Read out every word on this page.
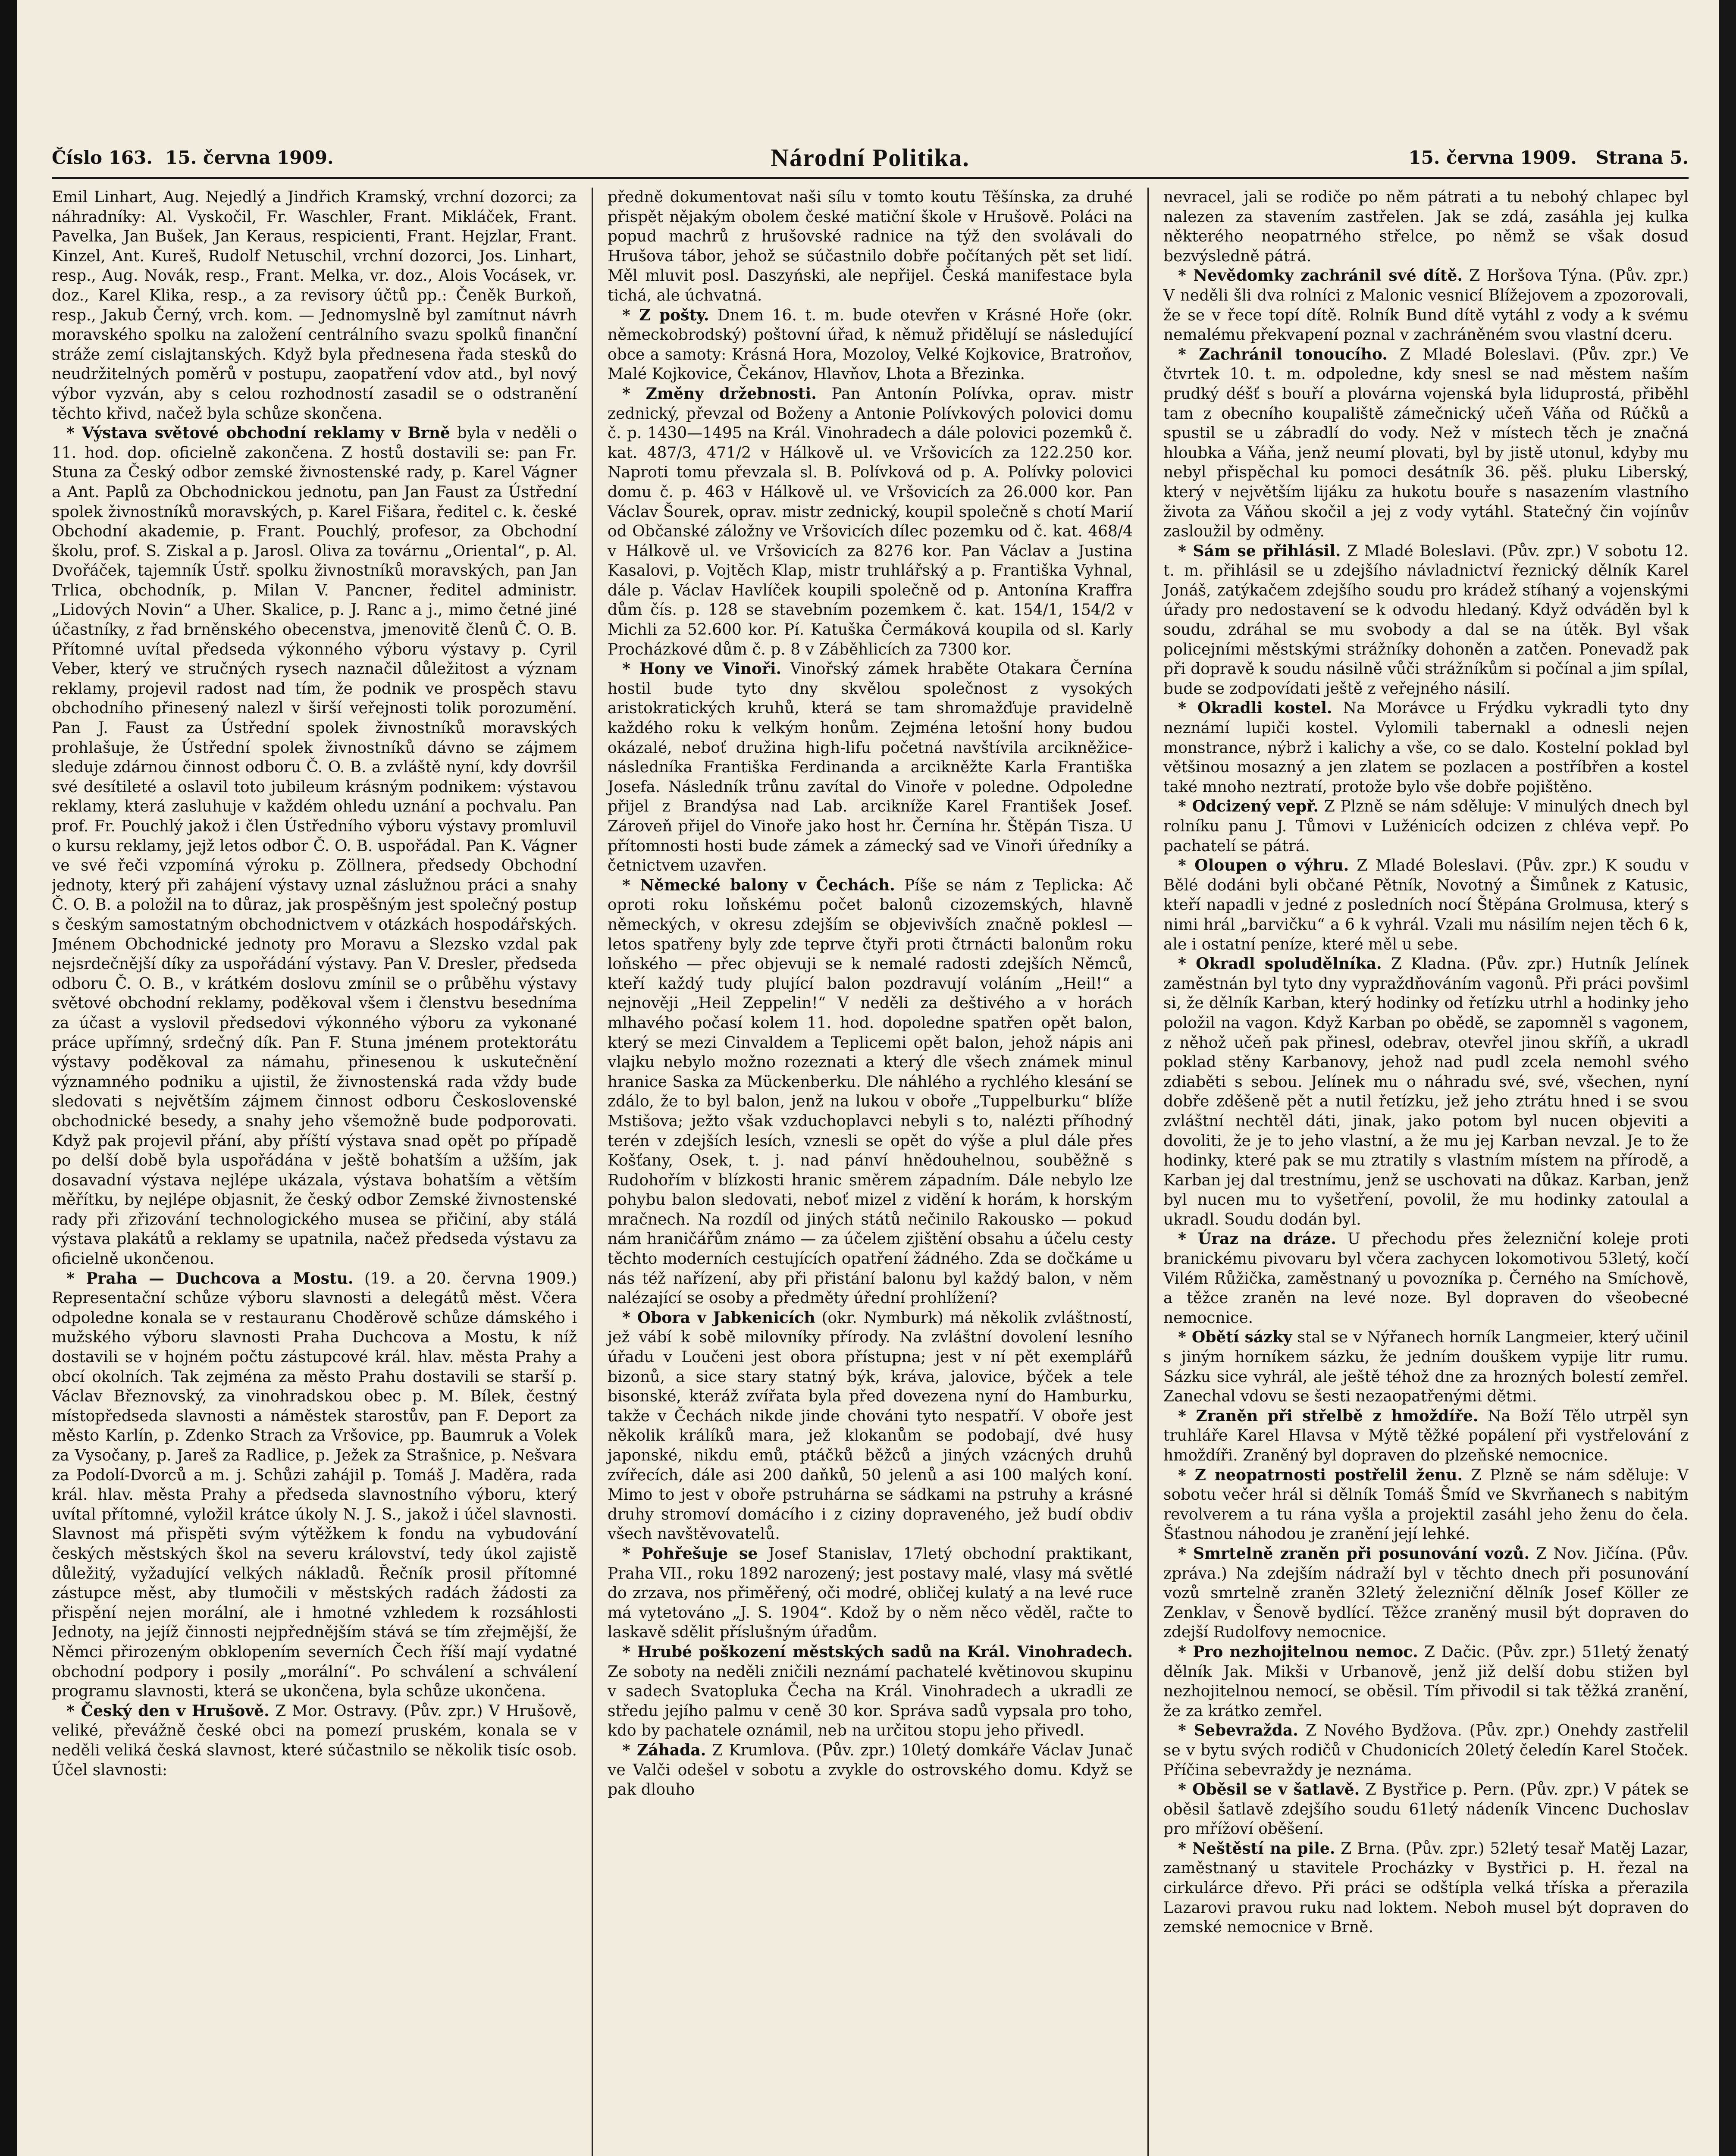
Číslo 163. 15. června 1909.	Národní Politika.	15. června 1909. Strana 5.

Emil Linhart, Aug. Nejedlý a Jindřich Kramský, vrchní dozorci; za náhradníky: Al. Vyskočil, Fr. Waschler, Frant. Mikláček, Frant. Pavelka, Jan Bušek, Jan Keraus, respicienti, Frant. Hejzlar, Frant. Kinzel, Ant. Kureš, Rudolf Netuschil, vrchní dozorci, Jos. Linhart, resp., Aug. Novák, resp., Frant. Melka, vr. doz., Alois Vocásek, vr. doz., Karel Klika, resp., a za revisory účtů pp.: Čeněk Burkoň, resp., Jakub Černý, vrch. kom. — Jednomyslně byl zamítnut návrh moravského spolku na založení centrálního svazu spolků finanční stráže zemí cislajtanských. Když byla přednesena řada stesků do neudržitelných poměrů v postupu, zaopatření vdov atd., byl nový výbor vyzván, aby s celou rozhodností zasadil se o odstranění těchto křivd, načež byla schůze skončena.

* Výstava světové obchodní reklamy v Brně byla v neděli o 11. hod. dop. oficielně zakončena. Z hostů dostavili se: pan Fr. Stuna za Český odbor zemské živnostenské rady, p. Karel Vágner a Ant. Paplů za Obchodnickou jednotu, pan Jan Faust za Ústřední spolek živnostníků moravských, p. Karel Fišara, ředitel c. k. české Obchodní akademie, p. Frant. Pouchlý, profesor, za Obchodní školu, prof. S. Ziskal a p. Jarosl. Oliva za továrnu „Oriental“, p. Al. Dvořáček, tajemník Ústř. spolku živnostníků moravských, pan Jan Trlica, obchodník, p. Milan V. Pancner, ředitel administr. „Lidových Novin“ a Uher. Skalice, p. J. Ranc a j., mimo četné jiné účastníky, z řad brněnského obecenstva, jmenovitě členů Č. O. B. Přítomné uvítal předseda výkonného výboru výstavy p. Cyril Veber, který ve stručných rysech naznačil důležitost a význam reklamy, projevil radost nad tím, že podnik ve prospěch stavu obchodního přinesený nalezl v širší veřejnosti tolik porozumění. Pan J. Faust za Ústřední spolek živnostníků moravských prohlašuje, že Ústřední spolek živnostníků dávno se zájmem sleduje zdárnou činnost odboru Č. O. B. a zvláště nyní, kdy dovršil své desítileté a oslavil toto jubileum krásným podnikem: výstavou reklamy, která zasluhuje v každém ohledu uznání a pochvalu. Pan prof. Fr. Pouchlý jakož i člen Ústředního výboru výstavy promluvil o kursu reklamy, jejž letos odbor Č. O. B. uspořádal. Pan K. Vágner ve své řeči vzpomíná výroku p. Zöllnera, předsedy Obchodní jednoty, který při zahájení výstavy uznal záslužnou práci a snahy Č. O. B. a položil na to důraz, jak prospěšným jest společný postup s českým samostatným obchodnictvem v otázkách hospodářských. Jménem Obchodnické jednoty pro Moravu a Slezsko vzdal pak nejsrdečnější díky za uspořádání výstavy. Pan V. Dresler, předseda odboru Č. O. B., v krátkém doslovu zmínil se o průběhu výstavy světové obchodní reklamy, poděkoval všem i členstvu besedníma za účast a vyslovil předsedovi výkonného výboru za vykonané práce upřímný, srdečný dík. Pan F. Stuna jménem protektorátu výstavy poděkoval za námahu, přinesenou k uskutečnění významného podniku a ujistil, že živnostenská rada vždy bude sledovati s největším zájmem činnost odboru Československé obchodnické besedy, a snahy jeho všemožně bude podporovati. Když pak projevil přání, aby příští výstava snad opět po případě po delší době byla uspořádána v ještě bohatším a užším, jak dosavadní výstava nejlépe ukázala, výstava bohatším a větším měřítku, by nejlépe objasnit, že český odbor Zemské živnostenské rady při zřizování technologického musea se přičiní, aby stálá výstava plakátů a reklamy se upatnila, načež předseda výstavu za oficielně ukončenou.

* Praha — Duchcova a Mostu. (19. a 20. června 1909.) Representační schůze výboru slavnosti a delegátů měst. Včera odpoledne konala se v restauranu Choděrově schůze dámského i mužského výboru slavnosti Praha Duchcova a Mostu, k níž dostavili se v hojném počtu zástupcové král. hlav. města Prahy a obcí okolních. Tak zejména za město Prahu dostavili se starší p. Václav Březnovský, za vinohradskou obec p. M. Bílek, čestný místopředseda slavnosti a náměstek starostův, pan F. Deport za město Karlín, p. Zdenko Strach za Vršovice, pp. Baumruk a Volek za Vysočany, p. Jareš za Radlice, p. Ježek za Strašnice, p. Nešvara za Podolí-Dvorců a m. j. Schůzi zahájil p. Tomáš J. Maděra, rada král. hlav. města Prahy a předseda slavnostního výboru, který uvítal přítomné, vyložil krátce úkoly N. J. S., jakož i účel slavnosti. Slavnost má přispěti svým výtěžkem k fondu na vybudování českých městských škol na severu království, tedy úkol zajistě důležitý, vyžadující velkých nákladů. Řečník prosil přítomné zástupce měst, aby tlumočili v městských radách žádosti za přispění nejen morální, ale i hmotné vzhledem k rozsáhlosti Jednoty, na jejíž činnosti nejpřednějším stává se tím zřejmější, že Němci přirozeným obklopením severních Čech říší mají vydatné obchodní podpory i posily „morální“. Po schválení a schválení programu slavnosti, která se ukončena, byla schůze ukončena.

* Český den v Hrušově. Z Mor. Ostravy. (Pův. zpr.) V Hrušově, veliké, převážně české obci na pomezí pruském, konala se v neděli veliká česká slavnost, které súčastnilo se několik tisíc osob. Účel slavnosti:

předně dokumentovat naši sílu v tomto koutu Těšínska, za druhé přispět nějakým obolem české matiční škole v Hrušově. Poláci na popud machrů z hrušovské radnice na týž den svolávali do Hrušova tábor, jehož se súčastnilo dobře počítaných pět set lidí. Měl mluvit posl. Daszyński, ale nepřijel. Česká manifestace byla tichá, ale úchvatná.

* Z pošty. Dnem 16. t. m. bude otevřen v Krásné Hoře (okr. německobrodský) poštovní úřad, k němuž přidělují se následující obce a samoty: Krásná Hora, Mozoloy, Velké Kojkovice, Bratroňov, Malé Kojkovice, Čekánov, Hlavňov, Lhota a Březinka.

* Změny držebnosti. Pan Antonín Polívka, oprav. mistr zednický, převzal od Boženy a Antonie Polívkových polovici domu č. p. 1430—1495 na Král. Vinohradech a dále polovici pozemků č. kat. 487/3, 471/2 v Hálkově ul. ve Vršovicích za 122.250 kor. Naproti tomu převzala sl. B. Polívková od p. A. Polívky polovici domu č. p. 463 v Hálkově ul. ve Vršovicích za 26.000 kor. Pan Václav Šourek, oprav. mistr zednický, koupil společně s chotí Marií od Občanské záložny ve Vršovicích dílec pozemku od č. kat. 468/4 v Hálkově ul. ve Vršovicích za 8276 kor. Pan Václav a Justina Kasalovi, p. Vojtěch Klap, mistr truhlářský a p. Františka Vyhnal, dále p. Václav Havlíček koupili společně od p. Antonína Kraffra dům čís. p. 128 se stavebním pozemkem č. kat. 154/1, 154/2 v Michli za 52.600 kor. Pí. Katuška Čermáková koupila od sl. Karly Procházkové dům č. p. 8 v Záběhlicích za 7300 kor.

* Hony ve Vinoři. Vinořský zámek hraběte Otakara Černína hostil bude tyto dny skvělou společnost z vysokých aristokratických kruhů, která se tam shromažďuje pravidelně každého roku k velkým honům. Zejména letošní hony budou okázalé, neboť družina high-lifu početná navštívila arcikněžice-následníka Františka Ferdinanda a arcikněžte Karla Františka Josefa. Následník trůnu zavítal do Vinoře v poledne. Odpoledne přijel z Brandýsa nad Lab. arcikníže Karel František Josef. Zároveň přijel do Vinoře jako host hr. Černína hr. Štěpán Tisza. U přítomnosti hosti bude zámek a zámecký sad ve Vinoři úředníky a četnictvem uzavřen.

* Německé balony v Čechách. Píše se nám z Teplicka: Ač oproti roku loňskému počet balonů cizozemských, hlavně německých, v okresu zdejším se objevivších značně poklesl — letos spatřeny byly zde teprve čtyři proti čtrnácti balonům roku loňského — přec objevuji se k nemalé radosti zdejších Němců, kteří každý tudy plující balon pozdravují voláním „Heil!“ a nejnověji „Heil Zeppelin!“ V neděli za deštivého a v horách mlhavého počasí kolem 11. hod. dopoledne spatřen opět balon, který se mezi Cinvaldem a Teplicemi opět balon, jehož nápis ani vlajku nebylo možno rozeznati a který dle všech známek minul hranice Saska za Mückenberku. Dle náhlého a rychlého klesání se zdálo, že to byl balon, jenž na lukou v oboře „Tuppelburku“ blíže Mstišova; ježto však vzduchoplavci nebyli s to, nalézti příhodný terén v zdejších lesích, vznesli se opět do výše a plul dále přes Košťany, Osek, t. j. nad pánví hnědouhelnou, souběžně s Rudohořím v blízkosti hranic směrem západním. Dále nebylo lze pohybu balon sledovati, neboť mizel z vidění k horám, k horským mračnech. Na rozdíl od jiných států nečinilo Rakousko — pokud nám hraničářům známo — za účelem zjištění obsahu a účelu cesty těchto moderních cestujících opatření žádného. Zda se dočkáme u nás též nařízení, aby při přistání balonu byl každý balon, v něm nalézající se osoby a předměty úřední prohlížení?

* Obora v Jabkenicích (okr. Nymburk) má několik zvláštností, jež vábí k sobě milovníky přírody. Na zvláštní dovolení lesního úřadu v Loučeni jest obora přístupna; jest v ní pět exemplářů bizonů, a sice stary statný býk, kráva, jalovice, býček a tele bisonské, kteráž zvířata byla před dovezena nyní do Hamburku, takže v Čechách nikde jinde chováni tyto nespatří. V oboře jest několik králíků mara, jež klokanům se podobají, dvé husy japonské, nikdu emů, ptáčků běžců a jiných vzácných druhů zvířecích, dále asi 200 daňků, 50 jelenů a asi 100 malých koní. Mimo to jest v oboře pstruhárna se sádkami na pstruhy a krásné druhy stromoví domácího i z ciziny dopraveného, jež budí obdiv všech navštěvovatelů.

* Pohřešuje se Josef Stanislav, 17letý obchodní praktikant, Praha VII., roku 1892 narozený; jest postavy malé, vlasy má světlé do zrzava, nos přiměřený, oči modré, obličej kulatý a na levé ruce má vytetováno „J. S. 1904“. Kdož by o něm něco věděl, račte to laskavě sdělit příslušným úřadům.

* Hrubé poškození městských sadů na Král. Vinohradech. Ze soboty na neděli zničili neznámí pachatelé květinovou skupinu v sadech Svatopluka Čecha na Král. Vinohradech a ukradli ze středu jejího palmu v ceně 30 kor. Správa sadů vypsala pro toho, kdo by pachatele oznámil, neb na určitou stopu jeho přivedl.

* Záhada. Z Krumlova. (Pův. zpr.) 10letý domkáře Václav Junač ve Valči odešel v sobotu a zvykle do ostrovského domu. Když se pak dlouho

nevracel, jali se rodiče po něm pátrati a tu nebohý chlapec byl nalezen za stavením zastřelen. Jak se zdá, zasáhla jej kulka některého neopatrného střelce, po němž se však dosud bezvýsledně pátrá.

* Nevědomky zachránil své dítě. Z Horšova Týna. (Pův. zpr.) V neděli šli dva rolníci z Malonic vesnicí Blížejovem a zpozorovali, že se v řece topí dítě. Rolník Bund dítě vytáhl z vody a k svému nemalému překvapení poznal v zachráněném svou vlastní dceru.

* Zachránil tonoucího. Z Mladé Boleslavi. (Pův. zpr.) Ve čtvrtek 10. t. m. odpoledne, kdy snesl se nad městem naším prudký déšť s bouří a plovárna vojenská byla liduprostá, přiběhl tam z obecního koupaliště zámečnický učeň Váňa od Rúčků a spustil se u zábradlí do vody. Než v místech těch je značná hloubka a Váňa, jenž neumí plovati, byl by jistě utonul, kdyby mu nebyl přispěchal ku pomoci desátník 36. pěš. pluku Liberský, který v největším lijáku za hukotu bouře s nasazením vlastního života za Váňou skočil a jej z vody vytáhl. Statečný čin vojínův zasloužil by odměny.

* Sám se přihlásil. Z Mladé Boleslavi. (Pův. zpr.) V sobotu 12. t. m. přihlásil se u zdejšího návladnictví řeznický dělník Karel Jonáš, zatýkačem zdejšího soudu pro krádež stíhaný a vojenskými úřady pro nedostavení se k odvodu hledaný. Když odváděn byl k soudu, zdráhal se mu svobody a dal se na útěk. Byl však policejními městskými strážníky dohoněn a zatčen. Ponevadž pak při dopravě k soudu násilně vůči strážníkům si počínal a jim spílal, bude se zodpovídati ještě z veřejného násilí.

* Okradli kostel. Na Morávce u Frýdku vykradli tyto dny neznámí lupiči kostel. Vylomili tabernakl a odnesli nejen monstrance, nýbrž i kalichy a vše, co se dalo. Kostelní poklad byl většinou mosazný a jen zlatem se pozlacen a postříbřen a kostel také mnoho neztratí, protože bylo vše dobře pojištěno.

* Odcizený vepř. Z Plzně se nám sděluje: V minulých dnech byl rolníku panu J. Tůmovi v Lužénicích odcizen z chléva vepř. Po pachatelí se pátrá.

* Oloupen o výhru. Z Mladé Boleslavi. (Pův. zpr.) K soudu v Bělé dodáni byli občané Pětník, Novotný a Šimůnek z Katusic, kteří napadli v jedné z posledních nocí Štěpána Grolmusa, který s nimi hrál „barvičku“ a 6 k vyhrál. Vzali mu násilím nejen těch 6 k, ale i ostatní peníze, které měl u sebe.

* Okradl spoludělníka. Z Kladna. (Pův. zpr.) Hutník Jelínek zaměstnán byl tyto dny vypraždňováním vagonů. Při práci povšiml si, že dělník Karban, který hodinky od řetízku utrhl a hodinky jeho položil na vagon. Když Karban po obědě, se zapomněl s vagonem, z něhož učeň pak přinesl, odebrav, otevřel jinou skříň, a ukradl poklad stěny Karbanovy, jehož nad pudl zcela nemohl svého zdiaběti s sebou. Jelínek mu o náhradu své, své, všechen, nyní dobře zděšeně pět a nutil řetízku, jež jeho ztrátu hned i se svou zvláštní nechtěl dáti, jinak, jako potom byl nucen objeviti a dovoliti, že je to jeho vlastní, a že mu jej Karban nevzal. Je to že hodinky, které pak se mu ztratily s vlastním místem na přírodě, a Karban jej dal trestnímu, jenž se uschovati na důkaz. Karban, jenž byl nucen mu to vyšetření, povolil, že mu hodinky zatoulal a ukradl. Soudu dodán byl.

* Úraz na dráze. U přechodu přes železniční koleje proti branickému pivovaru byl včera zachycen lokomotivou 53letý, kočí Vilém Růžička, zaměstnaný u povozníka p. Černého na Smíchově, a těžce zraněn na levé noze. Byl dopraven do všeobecné nemocnice.

* Obětí sázky stal se v Nýřanech horník Langmeier, který učinil s jiným horníkem sázku, že jedním douškem vypije litr rumu. Sázku sice vyhrál, ale ještě téhož dne za hrozných bolestí zemřel. Zanechal vdovu se šesti nezaopatřenými dětmi.

* Zraněn při střelbě z hmoždíře. Na Boží Tělo utrpěl syn truhláře Karel Hlavsa v Mýtě těžké popálení při vystřelování z hmoždíři. Zraněný byl dopraven do plzeňské nemocnice.

* Z neopatrnosti postřelil ženu. Z Plzně se nám sděluje: V sobotu večer hrál si dělník Tomáš Šmíd ve Skvrňanech s nabitým revolverem a tu rána vyšla a projektil zasáhl jeho ženu do čela. Šťastnou náhodou je zranění její lehké.

* Smrtelně zraněn při posunování vozů. Z Nov. Jičína. (Pův. zpráva.) Na zdejším nádraží byl v těchto dnech při posunování vozů smrtelně zraněn 32letý železniční dělník Josef Köller ze Zenklav, v Šenově bydlící. Těžce zraněný musil být dopraven do zdejší Rudolfovy nemocnice.

* Pro nezhojitelnou nemoc. Z Dačic. (Pův. zpr.) 51letý ženatý dělník Jak. Mikši v Urbanově, jenž již delší dobu stižen byl nezhojitelnou nemocí, se oběsil. Tím přivodil si tak těžká zranění, že za krátko zemřel.

* Sebevražda. Z Nového Bydžova. (Pův. zpr.) Onehdy zastřelil se v bytu svých rodičů v Chudonicích 20letý čeledín Karel Stoček. Příčina sebevraždy je neznáma.

* Oběsil se v šatlavě. Z Bystřice p. Pern. (Pův. zpr.) V pátek se oběsil šatlavě zdejšího soudu 61letý nádeník Vincenc Duchoslav pro mřížoví oběšení.

* Neštěstí na pile. Z Brna. (Pův. zpr.) 52letý tesař Matěj Lazar, zaměstnaný u stavitele Procházky v Bystřici p. H. řezal na cirkulárce dřevo. Při práci se odštípla velká tříska a přerazila Lazarovi pravou ruku nad loktem. Neboh musel být dopraven do zemské nemocnice v Brně.
